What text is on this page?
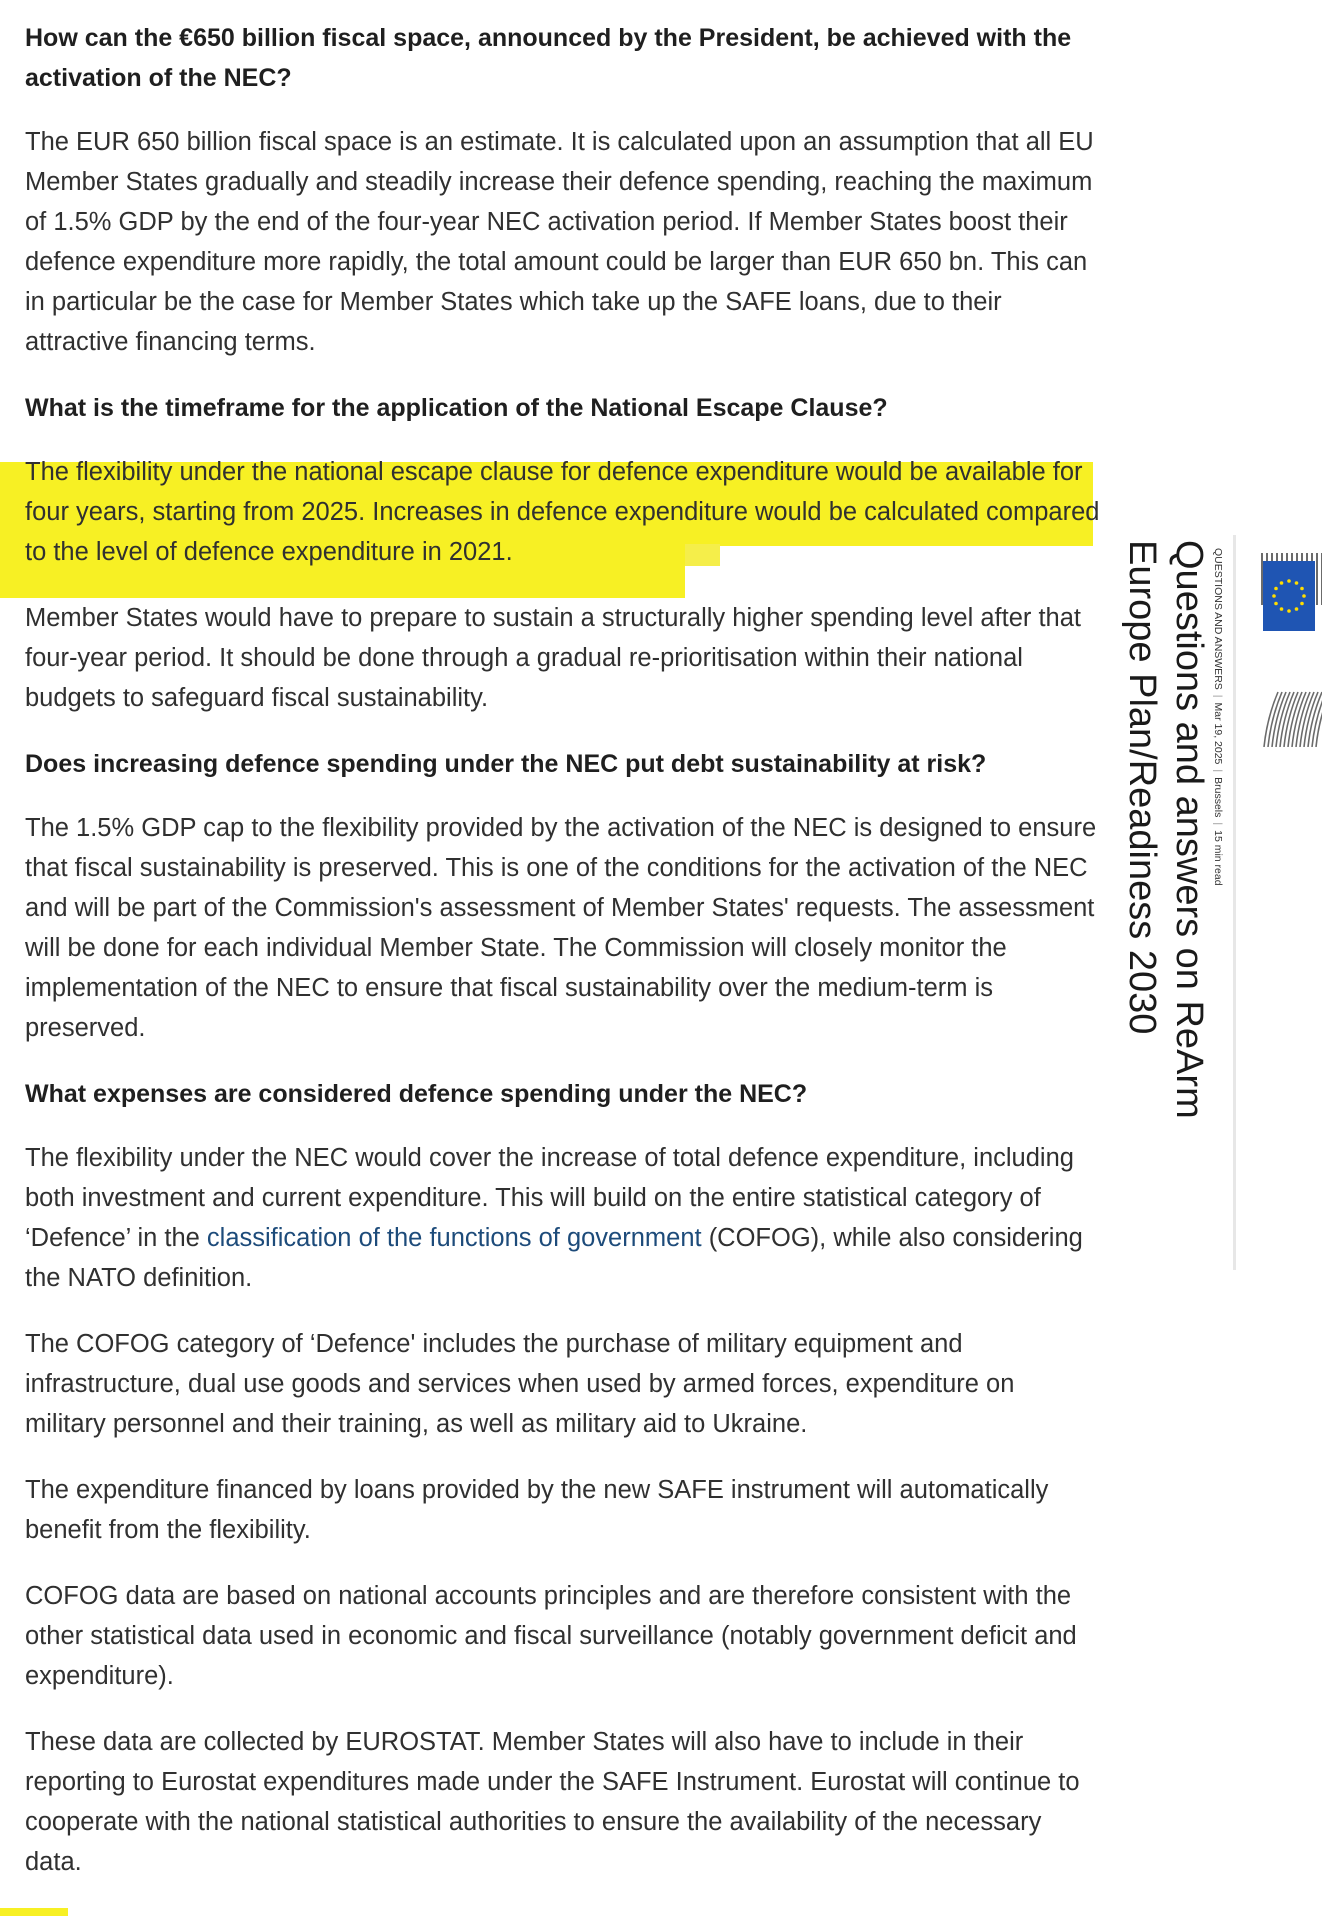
How can the €650 billion fiscal space, announced by the President, be achieved with the activation of the NEC?

The EUR 650 billion fiscal space is an estimate. It is calculated upon an assumption that all EU Member States gradually and steadily increase their defence spending, reaching the maximum of 1.5% GDP by the end of the four-year NEC activation period. If Member States boost their defence expenditure more rapidly, the total amount could be larger than EUR 650 bn. This can in particular be the case for Member States which take up the SAFE loans, due to their attractive financing terms.

What is the timeframe for the application of the National Escape Clause?

The flexibility under the national escape clause for defence expenditure would be available for four years, starting from 2025. Increases in defence expenditure would be calculated compared to the level of defence expenditure in 2021.

Member States would have to prepare to sustain a structurally higher spending level after that four-year period. It should be done through a gradual re-prioritisation within their national budgets to safeguard fiscal sustainability.

Does increasing defence spending under the NEC put debt sustainability at risk?

The 1.5% GDP cap to the flexibility provided by the activation of the NEC is designed to ensure that fiscal sustainability is preserved. This is one of the conditions for the activation of the NEC and will be part of the Commission's assessment of Member States' requests. The assessment will be done for each individual Member State. The Commission will closely monitor the implementation of the NEC to ensure that fiscal sustainability over the medium-term is preserved.

What expenses are considered defence spending under the NEC?

The flexibility under the NEC would cover the increase of total defence expenditure, including both investment and current expenditure. This will build on the entire statistical category of ‘Defence’ in the classification of the functions of government (COFOG), while also considering the NATO definition.

The COFOG category of ‘Defence' includes the purchase of military equipment and infrastructure, dual use goods and services when used by armed forces, expenditure on military personnel and their training, as well as military aid to Ukraine.

The expenditure financed by loans provided by the new SAFE instrument will automatically benefit from the flexibility.

COFOG data are based on national accounts principles and are therefore consistent with the other statistical data used in economic and fiscal surveillance (notably government deficit and expenditure).

These data are collected by EUROSTAT. Member States will also have to include in their reporting to Eurostat expenditures made under the SAFE Instrument. Eurostat will continue to cooperate with the national statistical authorities to ensure the availability of the necessary data.

Questions and answers on ReArm
Europe Plan/Readiness 2030	QUESTIONS AND ANSWERS|Mar 19, 2025|Brussels|15 min read
